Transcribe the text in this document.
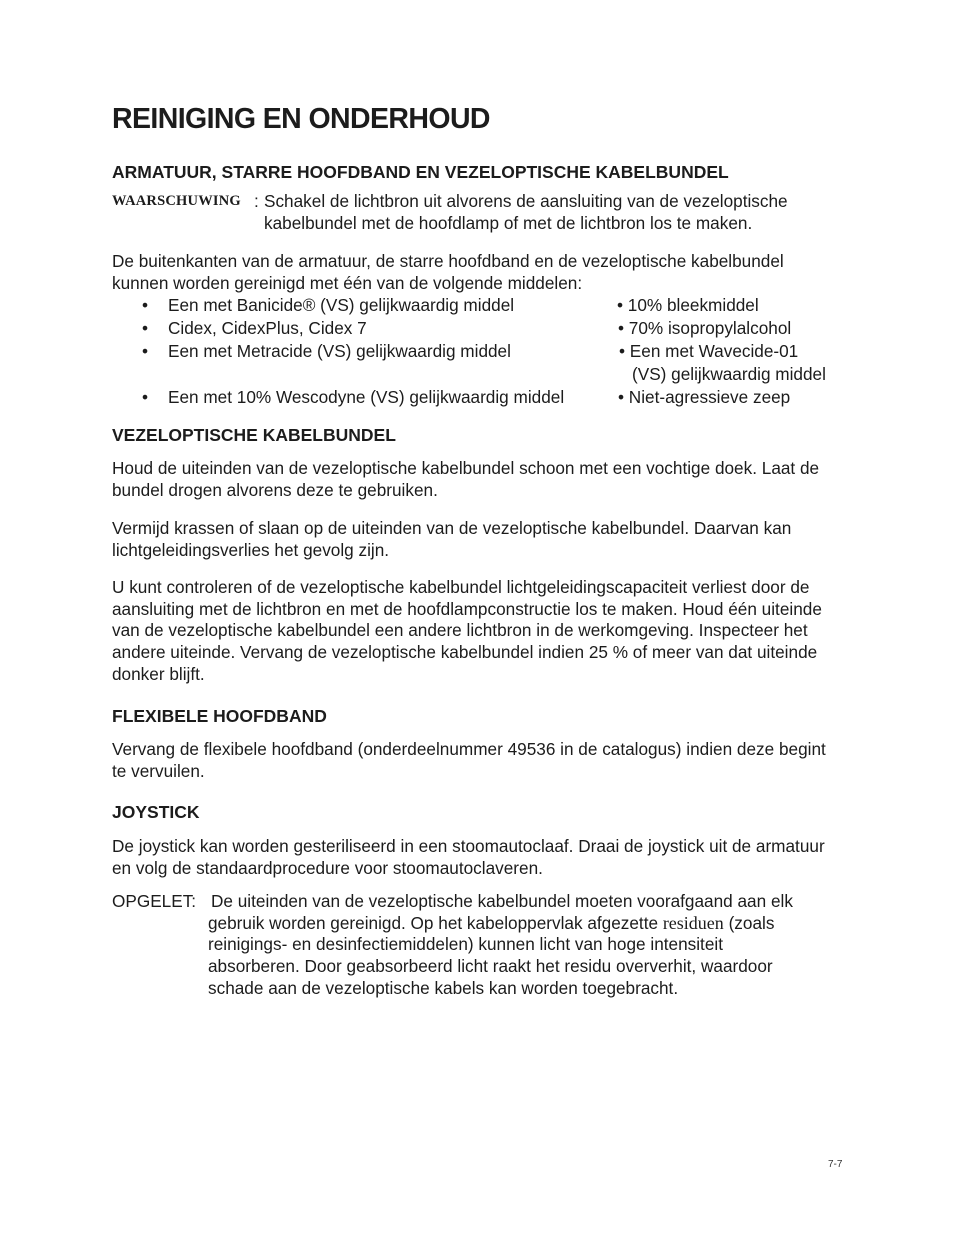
REINIGING EN ONDERHOUD
ARMATUUR, STARRE HOOFDBAND EN VEZELOPTISCHE KABELBUNDEL
WAARSCHUWING : Schakel de lichtbron uit alvorens de aansluiting van de vezeloptische kabelbundel met de hoofdlamp of met de lichtbron los te maken.

De buitenkanten van de armatuur, de starre hoofdband en de vezeloptische kabelbundel kunnen worden gereinigd met één van de volgende middelen:

• Een met Banicide® (VS) gelijkwaardig middel	• 10% bleekmiddel
• Cidex, CidexPlus, Cidex 7	• 70% isopropylalcohol
• Een met Metracide (VS) gelijkwaardig middel	• Een met Wavecide-01
(VS) gelijkwaardig middel
• Een met 10% Wescodyne (VS) gelijkwaardig middel	• Niet-agressieve zeep
VEZELOPTISCHE KABELBUNDEL

Houd de uiteinden van de vezeloptische kabelbundel schoon met een vochtige doek. Laat de bundel drogen alvorens deze te gebruiken.

Vermijd krassen of slaan op de uiteinden van de vezeloptische kabelbundel. Daarvan kan lichtgeleidingsverlies het gevolg zijn.

U kunt controleren of de vezeloptische kabelbundel lichtgeleidingscapaciteit verliest door de aansluiting met de lichtbron en met de hoofdlampconstructie los te maken. Houd één uiteinde van de vezeloptische kabelbundel een andere lichtbron in de werkomgeving. Inspecteer het andere uiteinde. Vervang de vezeloptische kabelbundel indien 25 % of meer van dat uiteinde donker blijft.

FLEXIBELE HOOFDBAND

Vervang de flexibele hoofdband (onderdeelnummer 49536 in de catalogus) indien deze begint te vervuilen.

JOYSTICK

De joystick kan worden gesteriliseerd in een stoomautoclaaf. Draai de joystick uit de armatuur en volg de standaardprocedure voor stoomautoclaveren.

OPGELET: De uiteinden van de vezeloptische kabelbundel moeten voorafgaand aan elk
gebruik worden gereinigd. Op het kabeloppervlak afgezette residuen (zoals
reinigings- en desinfectiemiddelen) kunnen licht van hoge intensiteit
absorberen. Door geabsorbeerd licht raakt het residu oververhit, waardoor
schade aan de vezeloptische kabels kan worden toegebracht.
7-7
